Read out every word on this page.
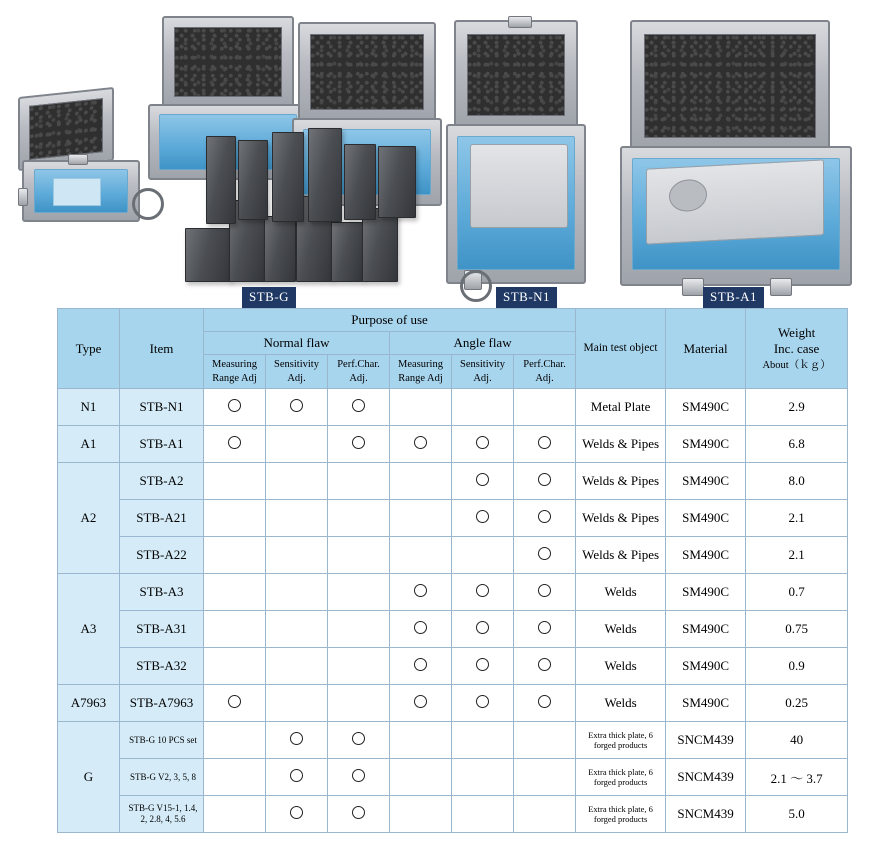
STB-G	STB-N1	STB-A1
Type	Item	Purpose of use						Main test object	Material	Weight
Inc. case
About（ｋｇ）

		Normal flaw			Angle flaw					
		Measuring Range Adj	Sensitivity Adj.	Perf.Char. Adj.	Measuring Range Adj	Sensitivity Adj.	Perf.Char. Adj.			
N1	STB-N1							Metal Plate	SM490C	2.9
A1	STB-A1							Welds & Pipes	SM490C	6.8
A2	STB-A2							Welds & Pipes	SM490C	8.0
	STB-A21							Welds & Pipes	SM490C	2.1
	STB-A22							Welds & Pipes	SM490C	2.1
A3	STB-A3							Welds	SM490C	0.7
	STB-A31							Welds	SM490C	0.75
	STB-A32							Welds	SM490C	0.9
A7963	STB-A7963							Welds	SM490C	0.25
G	STB-G 10 PCS set							Extra thick plate, 6 forged products	SNCM439	40
	STB-G V2, 3, 5, 8							Extra thick plate, 6 forged products	SNCM439	2.1 ～ 3.7
	STB-G V15-1, 1.4, 2, 2.8, 4, 5.6							Extra thick plate, 6 forged products	SNCM439	5.0
